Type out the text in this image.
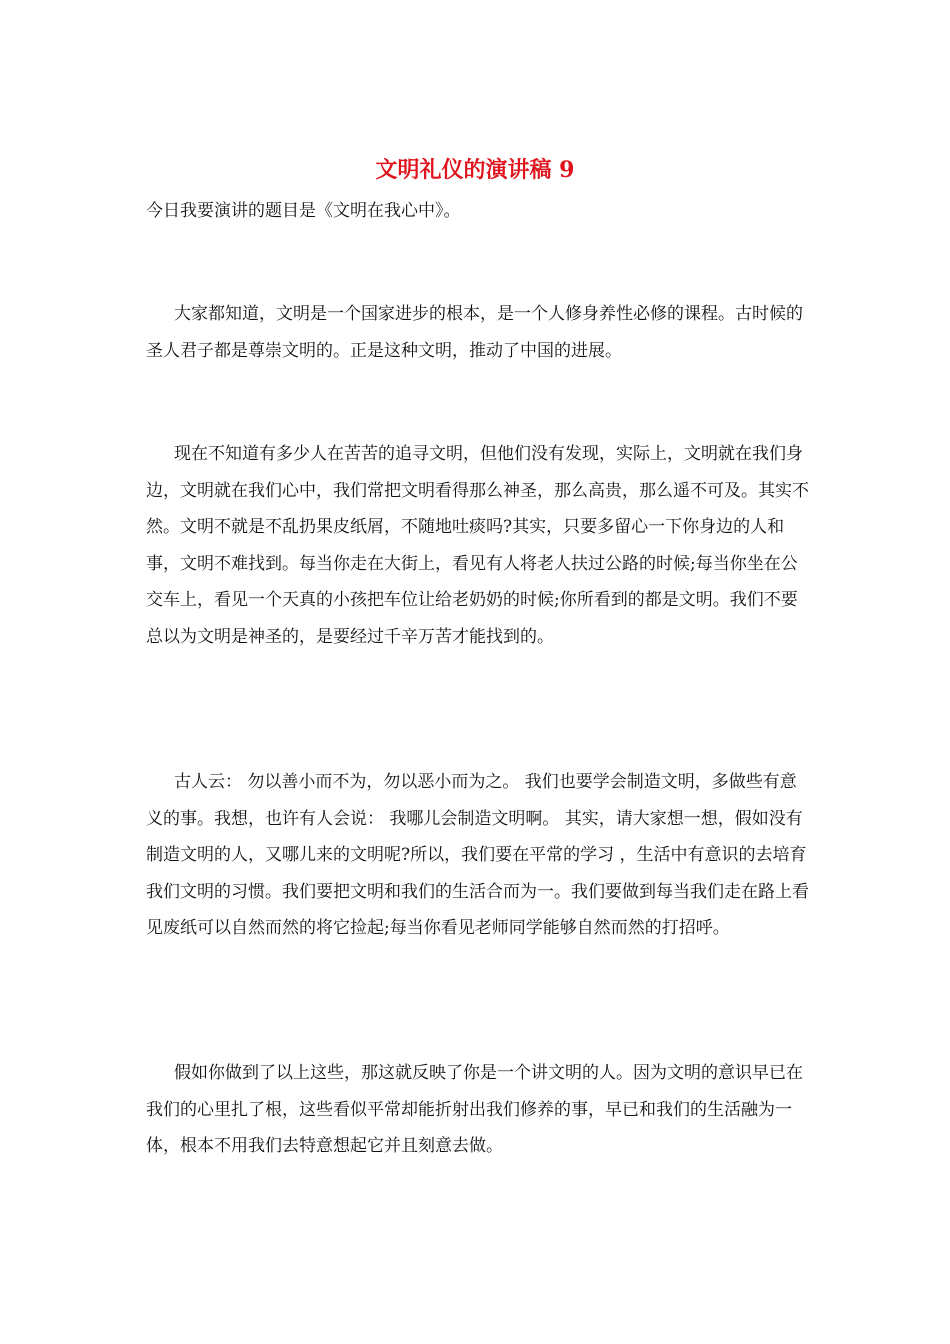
文明礼仪的演讲稿 9

今日我要演讲的题目是《文明在我心中》。

大家都知道，文明是一个国家进步的根本，是一个人修身养性必修的课程。古时候的圣人君子都是尊崇文明的。正是这种文明，推动了中国的进展。

现在不知道有多少人在苦苦的追寻文明，但他们没有发现，实际上，文明就在我们身边，文明就在我们心中，我们常把文明看得那么神圣，那么高贵，那么遥不可及。其实不然。文明不就是不乱扔果皮纸屑，不随地吐痰吗?其实，只要多留心一下你身边的人和事，文明不难找到。每当你走在大街上，看见有人将老人扶过公路的时候;每当你坐在公交车上，看见一个天真的小孩把车位让给老奶奶的时候;你所看到的都是文明。我们不要总以为文明是神圣的，是要经过千辛万苦才能找到的。

古人云： 勿以善小而不为，勿以恶小而为之。 我们也要学会制造文明，多做些有意义的事。我想，也许有人会说： 我哪儿会制造文明啊。 其实，请大家想一想，假如没有制造文明的人，又哪儿来的文明呢?所以，我们要在平常的学习 ，生活中有意识的去培育我们文明的习惯。我们要把文明和我们的生活合而为一。我们要做到每当我们走在路上看见废纸可以自然而然的将它捡起;每当你看见老师同学能够自然而然的打招呼。

假如你做到了以上这些，那这就反映了你是一个讲文明的人。因为文明的意识早已在我们的心里扎了根，这些看似平常却能折射出我们修养的事，早已和我们的生活融为一体，根本不用我们去特意想起它并且刻意去做。
